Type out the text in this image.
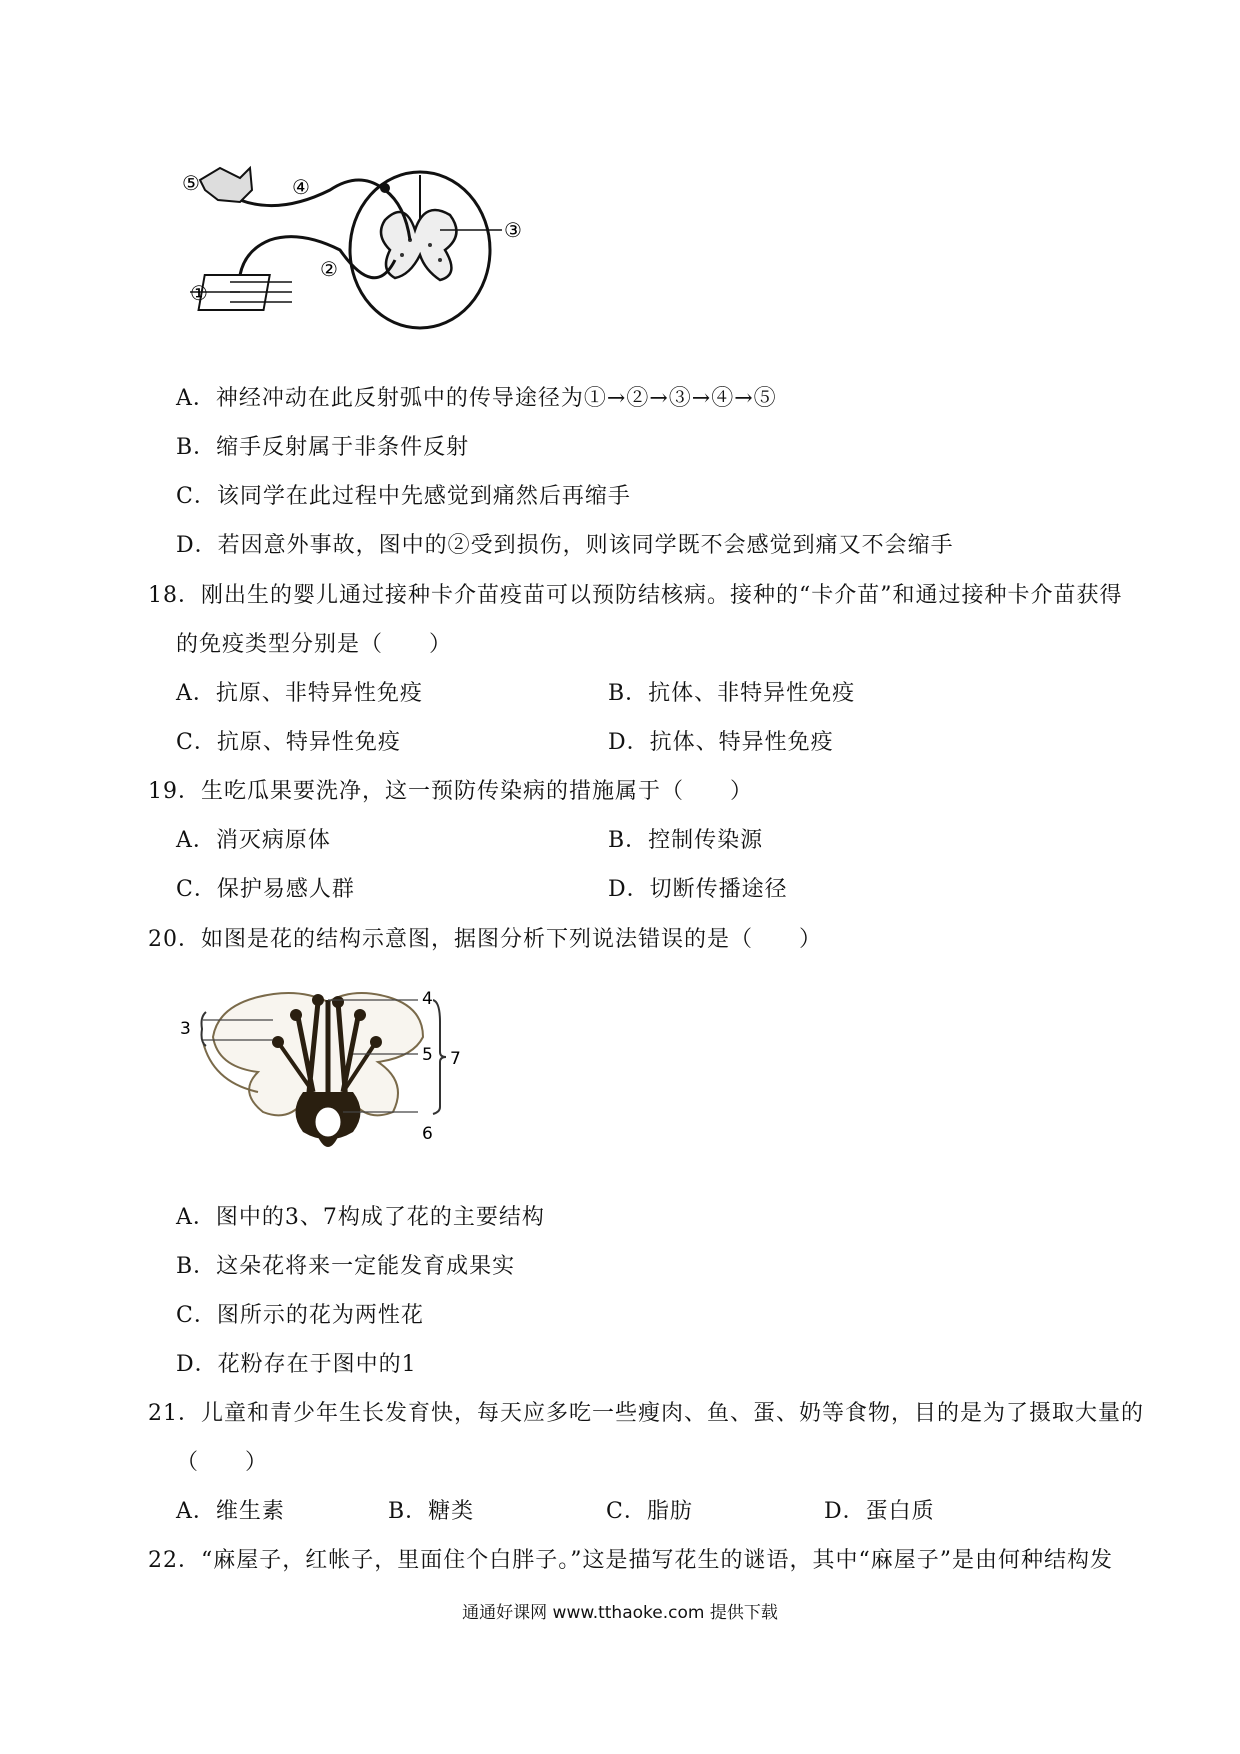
⑤	④
③
②
①
A．神经冲动在此反射弧中的传导途径为①→②→③→④→⑤
B．缩手反射属于非条件反射
C．该同学在此过程中先感觉到痛然后再缩手
D．若因意外事故，图中的②受到损伤，则该同学既不会感觉到痛又不会缩手
18．刚出生的婴儿通过接种卡介苗疫苗可以预防结核病。接种的“卡介苗”和通过接种卡介苗获得
的免疫类型分别是（　　）
A．抗原、非特异性免疫	B．抗体、非特异性免疫
C．抗原、特异性免疫	D．抗体、特异性免疫
19．生吃瓜果要洗净，这一预防传染病的措施属于（　　）
A．消灭病原体	B．控制传染源
C．保护易感人群	D．切断传播途径
20．如图是花的结构示意图，据图分析下列说法错误的是（　　）
3
4
5 7
6
A．图中的3、7构成了花的主要结构
B．这朵花将来一定能发育成果实
C．图所示的花为两性花
D．花粉存在于图中的1
21．儿童和青少年生长发育快，每天应多吃一些瘦肉、鱼、蛋、奶等食物，目的是为了摄取大量的
（　　）
A．维生素	B．糖类	C．脂肪	D．蛋白质
22．“麻屋子，红帐子，里面住个白胖子。”这是描写花生的谜语，其中“麻屋子”是由何种结构发
通通好课网 www.tthaoke.com 提供下载
